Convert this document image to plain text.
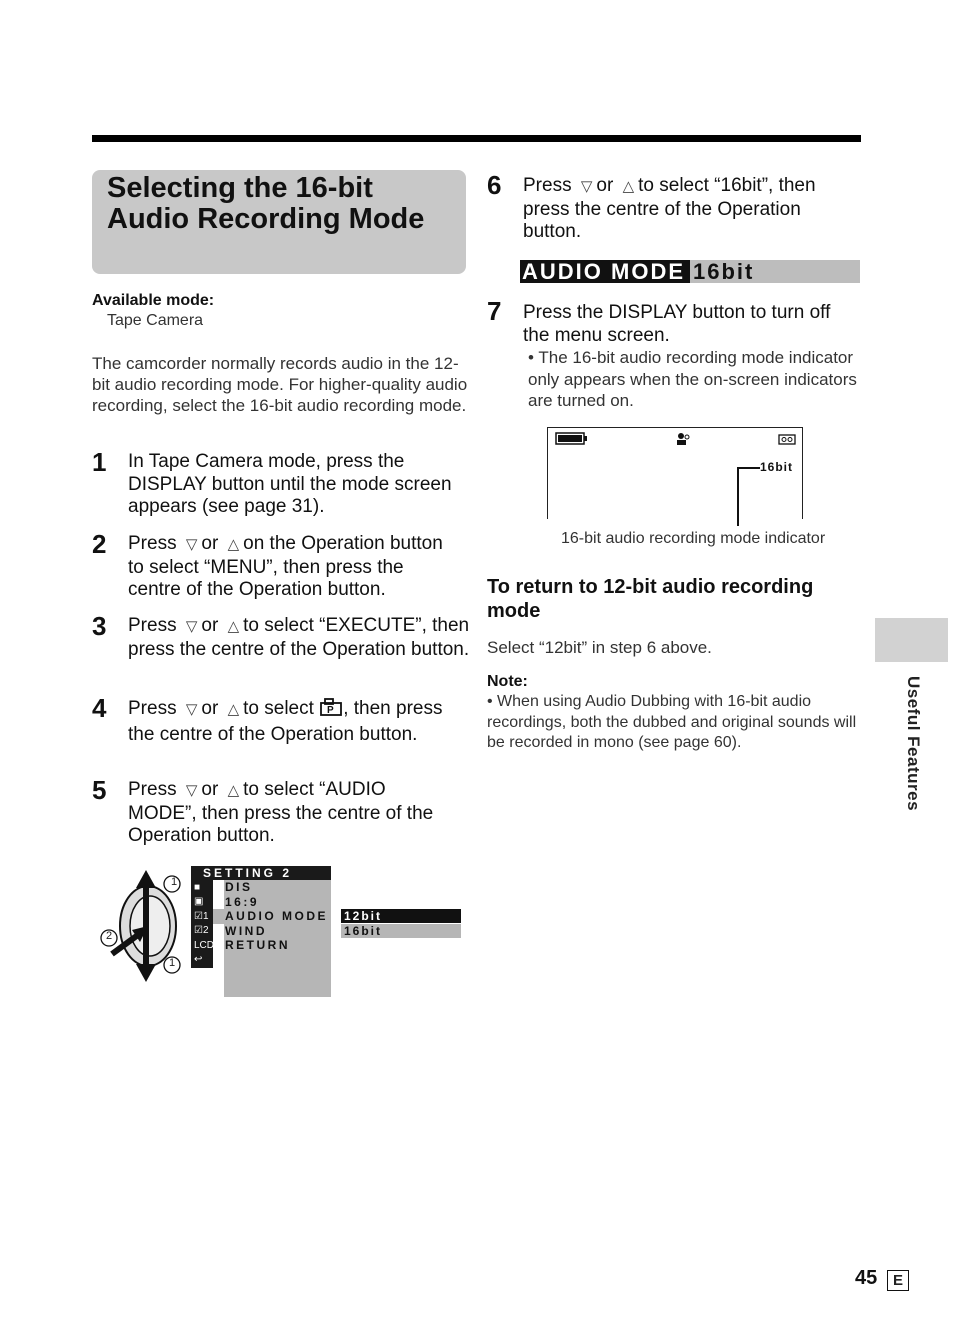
Selecting the 16-bit Audio Recording Mode
Available mode:
Tape Camera
The camcorder normally records audio in the 12-bit audio recording mode. For higher-quality audio recording, select the 16-bit audio recording mode.
1 In Tape Camera mode, press the DISPLAY button until the mode screen appears (see page 31).
2 Press ▽ or △ on the Operation button to select “MENU”, then press the centre of the Operation button.
3 Press ▽ or △ to select “EXECUTE”, then press the centre of the Operation button.
4 Press ▽ or △ to select P , then press the centre of the Operation button.
5 Press ▽ or △ to select “AUDIO MODE”, then press the centre of the Operation button.
1
2
1
SETTING 2
■
▣
☑1
☑2
LCD
↩
DIS
16:9
AUDIO MODE
WIND
RETURN
12bit
16bit
6 Press ▽ or △ to select “16bit”, then press the centre of the Operation button.
AUDIO MODE 16bit
7 Press the DISPLAY button to turn off the menu screen.
• The 16-bit audio recording mode indicator only appears when the on-screen indicators are turned on.
16bit
16-bit audio recording mode indicator
To return to 12-bit audio recording mode
Select “12bit” in step 6 above.
Note:
• When using Audio Dubbing with 16-bit audio recordings, both the dubbed and original sounds will be recorded in mono (see page 60).	Useful Features
45	E
